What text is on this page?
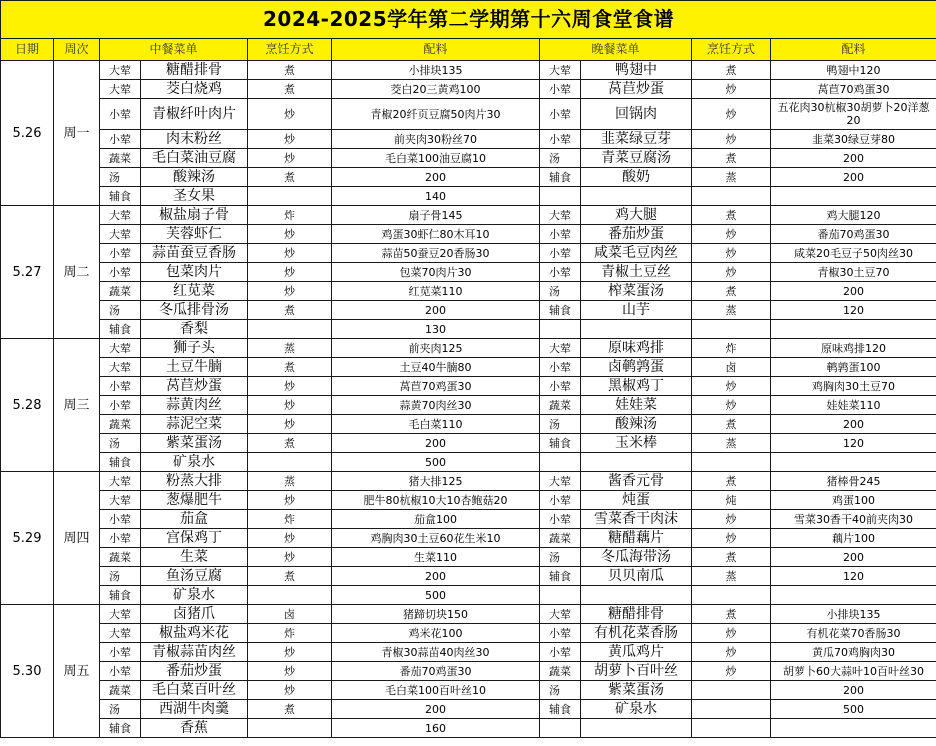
2024-2025学年第二学期第十六周食堂食谱									
日期	周次	中餐菜单		烹饪方式	配料	晚餐菜单		烹饪方式	配料
5.26	周一	大荤	糖醋排骨	煮	小排块135	大荤	鸭翅中	煮	鸭翅中120
		大荤	茭白烧鸡	煮	茭白20三黄鸡100	小荤	莴苣炒蛋	炒	莴苣70鸡蛋30
		小荤	青椒纤叶肉片	炒	青椒20纤页豆腐50肉片30	小荤	回锅肉	炒	五花肉30杭椒30胡萝卜20洋葱20
		小荤	肉末粉丝	炒	前夹肉30粉丝70	小荤	韭菜绿豆芽	炒	韭菜30绿豆芽80
		蔬菜	毛白菜油豆腐	炒	毛白菜100油豆腐10	汤	青菜豆腐汤	煮	200
		汤	酸辣汤	煮	200	辅食	酸奶	蒸	200
		辅食	圣女果		140				
5.27	周二	大荤	椒盐扇子骨	炸	扇子骨145	大荤	鸡大腿	煮	鸡大腿120
		大荤	芙蓉虾仁	炒	鸡蛋30虾仁80木耳10	小荤	番茄炒蛋	炒	番茄70鸡蛋30
		小荤	蒜苗蚕豆香肠	炒	蒜苗50蚕豆20香肠30	小荤	咸菜毛豆肉丝	炒	咸菜20毛豆子50肉丝30
		小荤	包菜肉片	炒	包菜70肉片30	小荤	青椒土豆丝	炒	青椒30土豆70
		蔬菜	红苋菜	炒	红苋菜110	汤	榨菜蛋汤	煮	200
		汤	冬瓜排骨汤	煮	200	辅食	山芋	蒸	120
		辅食	香梨		130				
5.28	周三	大荤	狮子头	蒸	前夹肉125	大荤	原味鸡排	炸	原味鸡排120
		大荤	土豆牛腩	煮	土豆40牛腩80	小荤	卤鹌鹑蛋	卤	鹌鹑蛋100
		小荤	莴苣炒蛋	炒	莴苣70鸡蛋30	小荤	黑椒鸡丁	炒	鸡胸肉30土豆70
		小荤	蒜黄肉丝	炒	蒜黄70肉丝30	蔬菜	娃娃菜	炒	娃娃菜110
		蔬菜	蒜泥空菜	炒	毛白菜110	汤	酸辣汤	煮	200
		汤	紫菜蛋汤	煮	200	辅食	玉米棒	蒸	120
		辅食	矿泉水		500				
5.29	周四	大荤	粉蒸大排	蒸	猪大排125	大荤	酱香元骨	煮	猪棒骨245
		大荤	葱爆肥牛	炒	肥牛80杭椒10大10杏鲍菇20	小荤	炖蛋	炖	鸡蛋100
		小荤	茄盒	炸	茄盒100	小荤	雪菜香干肉沫	炒	雪菜30香干40前夹肉30
		小荤	宫保鸡丁	炒	鸡胸肉30土豆60花生米10	蔬菜	糖醋藕片	炒	藕片100
		蔬菜	生菜	炒	生菜110	汤	冬瓜海带汤	煮	200
		汤	鱼汤豆腐	煮	200	辅食	贝贝南瓜	蒸	120
		辅食	矿泉水		500				
5.30	周五	大荤	卤猪爪	卤	猪蹄切块150	大荤	糖醋排骨	煮	小排块135
		大荤	椒盐鸡米花	炸	鸡米花100	小荤	有机花菜香肠	炒	有机花菜70香肠30
		小荤	青椒蒜苗肉丝	炒	青椒30蒜苗40肉丝30	小荤	黄瓜鸡片	炒	黄瓜70鸡胸肉30
		小荤	番茄炒蛋	炒	番茄70鸡蛋30	蔬菜	胡萝卜百叶丝	炒	胡萝卜60大蒜叶10百叶丝30
		蔬菜	毛白菜百叶丝	炒	毛白菜100百叶丝10	汤	紫菜蛋汤		200
		汤	西湖牛肉羹	煮	200	辅食	矿泉水		500
		辅食	香蕉		160				
